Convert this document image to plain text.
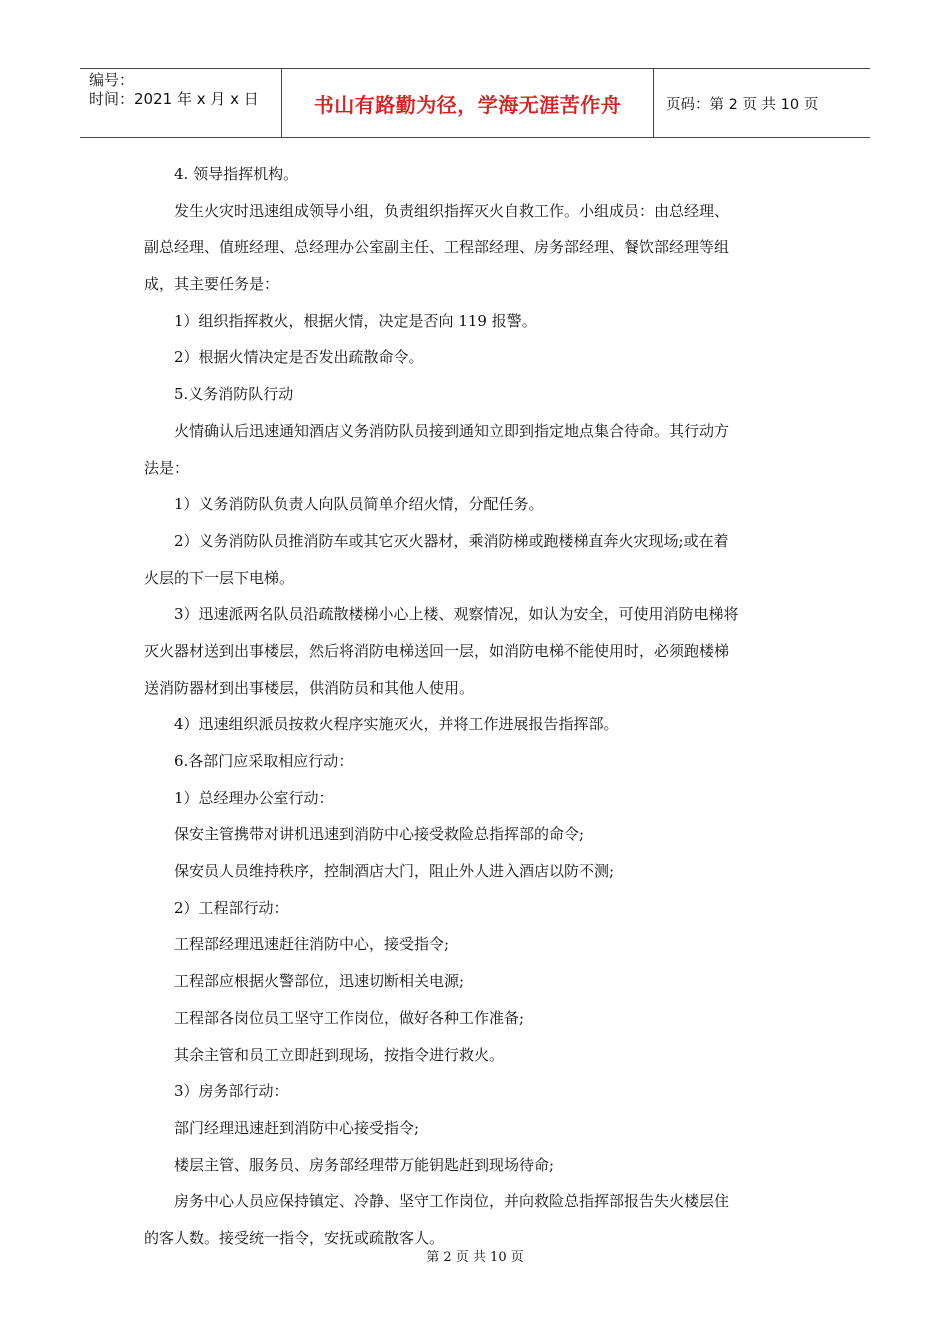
编号：
时间：2021 年 x 月 x 日	书山有路勤为径，学海无涯苦作舟	页码：第 2 页 共 10 页
4. 领导指挥机构。
发生火灾时迅速组成领导小组，负责组织指挥灭火自救工作。小组成员：由总经理、
副总经理、值班经理、总经理办公室副主任、工程部经理、房务部经理、餐饮部经理等组
成，其主要任务是：
1）组织指挥救火，根据火情，决定是否向 119 报警。
2）根据火情决定是否发出疏散命令。
5.义务消防队行动
火情确认后迅速通知酒店义务消防队员接到通知立即到指定地点集合待命。其行动方
法是：
1）义务消防队负责人向队员简单介绍火情，分配任务。
2）义务消防队员推消防车或其它灭火器材，乘消防梯或跑楼梯直奔火灾现场;或在着
火层的下一层下电梯。
3）迅速派两名队员沿疏散楼梯小心上楼、观察情况，如认为安全，可使用消防电梯将
灭火器材送到出事楼层，然后将消防电梯送回一层，如消防电梯不能使用时，必须跑楼梯
送消防器材到出事楼层，供消防员和其他人使用。
4）迅速组织派员按救火程序实施灭火，并将工作进展报告指挥部。
6.各部门应采取相应行动：
1）总经理办公室行动：
保安主管携带对讲机迅速到消防中心接受救险总指挥部的命令;
保安员人员维持秩序，控制酒店大门，阻止外人进入酒店以防不测;
2）工程部行动：
工程部经理迅速赶往消防中心，接受指令;
工程部应根据火警部位，迅速切断相关电源;
工程部各岗位员工坚守工作岗位，做好各种工作准备;
其余主管和员工立即赶到现场，按指令进行救火。
3）房务部行动：
部门经理迅速赶到消防中心接受指令;
楼层主管、服务员、房务部经理带万能钥匙赶到现场待命;
房务中心人员应保持镇定、冷静、坚守工作岗位，并向救险总指挥部报告失火楼层住
的客人数。接受统一指令，安抚或疏散客人。
第 2 页 共 10 页
